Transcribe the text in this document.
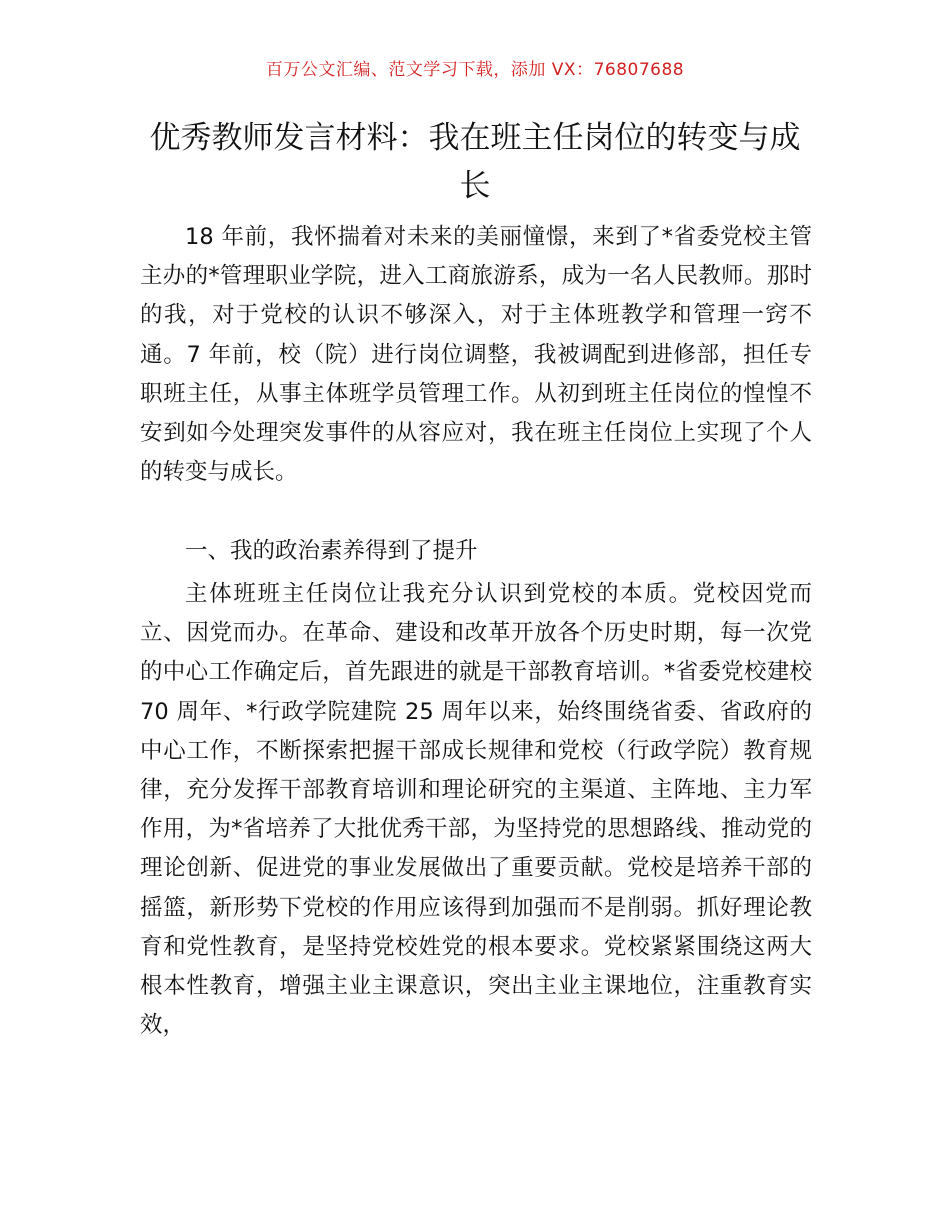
百万公文汇编、范文学习下载，添加 VX：76807688
优秀教师发言材料：我在班主任岗位的转变与成长

18 年前，我怀揣着对未来的美丽憧憬，来到了*省委党校主管主办的*管理职业学院，进入工商旅游系，成为一名人民教师。那时的我，对于党校的认识不够深入，对于主体班教学和管理一窍不通。7 年前，校（院）进行岗位调整，我被调配到进修部，担任专职班主任，从事主体班学员管理工作。从初到班主任岗位的惶惶不安到如今处理突发事件的从容应对，我在班主任岗位上实现了个人的转变与成长。

一、我的政治素养得到了提升

主体班班主任岗位让我充分认识到党校的本质。党校因党而立、因党而办。在革命、建设和改革开放各个历史时期，每一次党的中心工作确定后，首先跟进的就是干部教育培训。*省委党校建校 70 周年、*行政学院建院 25 周年以来，始终围绕省委、省政府的中心工作，不断探索把握干部成长规律和党校（行政学院）教育规律，充分发挥干部教育培训和理论研究的主渠道、主阵地、主力军作用，为*省培养了大批优秀干部，为坚持党的思想路线、推动党的理论创新、促进党的事业发展做出了重要贡献。党校是培养干部的摇篮，新形势下党校的作用应该得到加强而不是削弱。抓好理论教育和党性教育，是坚持党校姓党的根本要求。党校紧紧围绕这两大根本性教育，增强主业主课意识，突出主业主课地位，注重教育实效，
